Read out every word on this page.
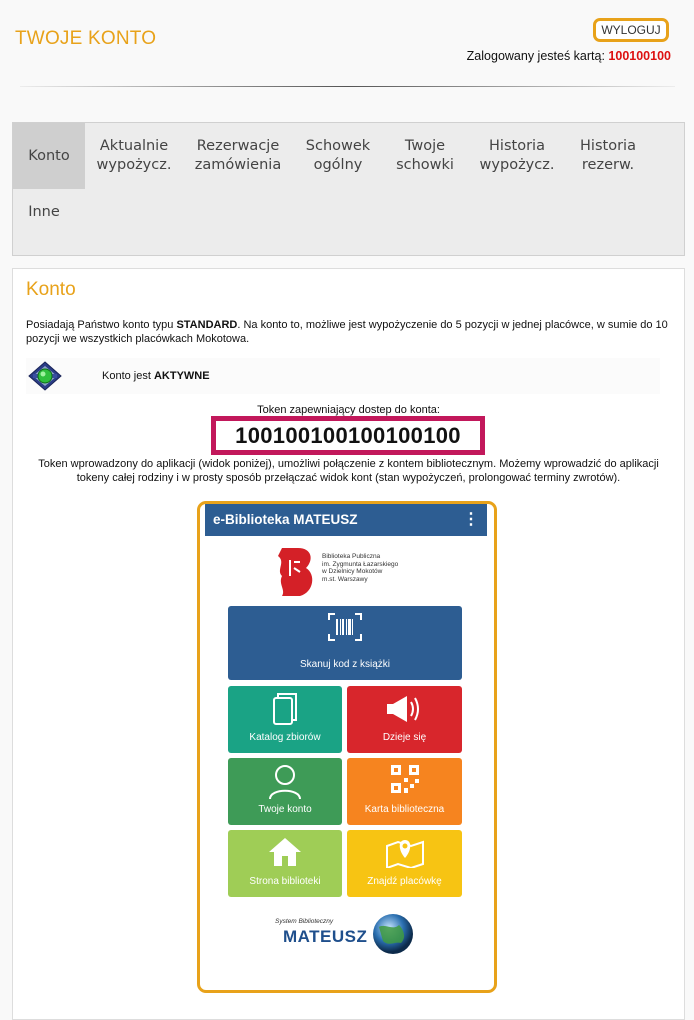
TWOJE KONTO	WYLOGUJ
Zalogowany jesteś kartą: 100100100
Konto
Aktualnie
wypożycz.
Rezerwacje
zamówienia
Schowek
ogólny
Twoje
schowki
Historia
wypożycz.
Historia
rezerw.
Inne
Konto
Posiadają Państwo konto typu STANDARD. Na konto to, możliwe jest wypożyczenie do 5 pozycji w jednej placówce, w sumie do 10 pozycji we wszystkich placówkach Mokotowa.
Konto jest AKTYWNE
Token zapewniający dostep do konta:
100100100100100100
Token wprowadzony do aplikacji (widok poniżej), umożliwi połączenie z kontem bibliotecznym. Możemy wprowadzić do aplikacji tokeny całej rodziny i w prosty sposób przełączać widok kont (stan wypożyczeń, prolongować terminy zwrotów).
e-Biblioteka MATEUSZ	⋮
Biblioteka Publiczna
im. Zygmunta Łazarskiego
w Dzielnicy Mokotów
m.st. Warszawy
Skanuj kod z książki
Katalog zbiorów	Dzieje się
Twoje konto	Karta biblioteczna
Strona biblioteki	Znajdź placówkę
System Biblioteczny
MATEUSZ
